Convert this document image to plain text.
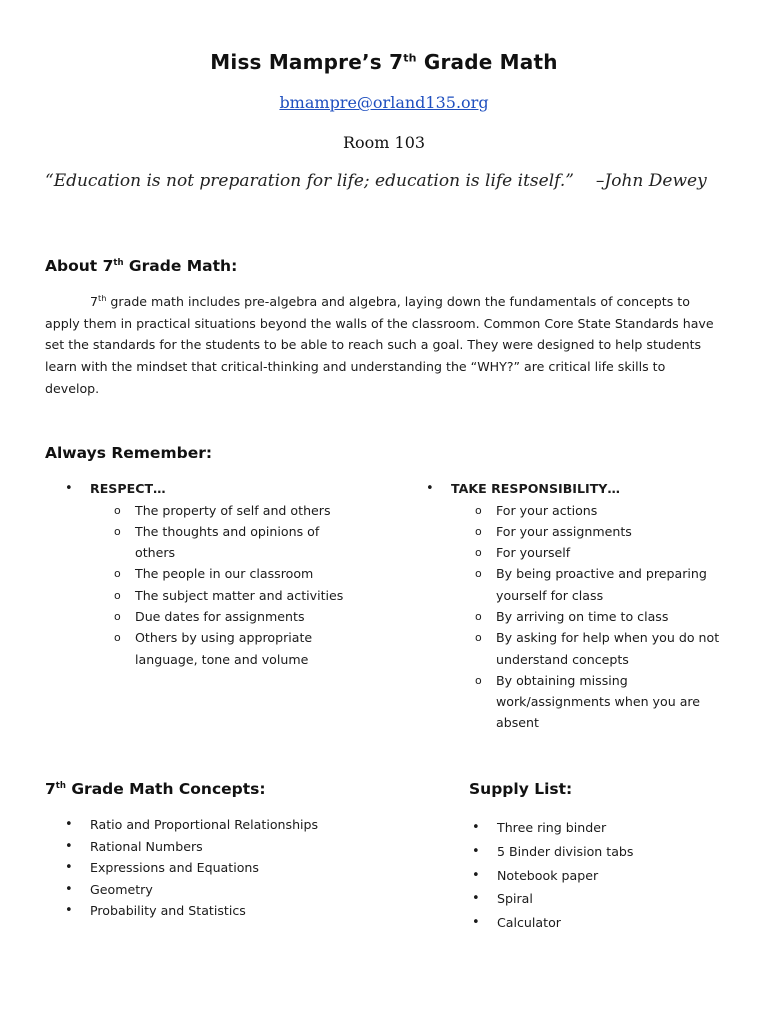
Miss Mampre’s 7th Grade Math
bmampre@orland135.org
Room 103
“Education is not preparation for life; education is life itself.” –John Dewey
About 7th Grade Math:
7th grade math includes pre-algebra and algebra, laying down the fundamentals of concepts to apply them in practical situations beyond the walls of the classroom. Common Core State Standards have set the standards for the students to be able to reach such a goal. They were designed to help students learn with the mindset that critical-thinking and understanding the “WHY?” are critical life skills to develop.
Always Remember:
• RESPECT…
o The property of self and others
o The thoughts and opinions of others
o The people in our classroom
o The subject matter and activities
o Due dates for assignments
o Others by using appropriate language, tone and volume
• TAKE RESPONSIBILITY…
o For your actions
o For your assignments
o For yourself
o By being proactive and preparing yourself for class
o By arriving on time to class
o By asking for help when you do not understand concepts
o By obtaining missing work/assignments when you are absent
7th Grade Math Concepts:
• Ratio and Proportional Relationships
• Rational Numbers
• Expressions and Equations
• Geometry
• Probability and Statistics
Supply List:
• Three ring binder
• 5 Binder division tabs
• Notebook paper
• Spiral
• Calculator
